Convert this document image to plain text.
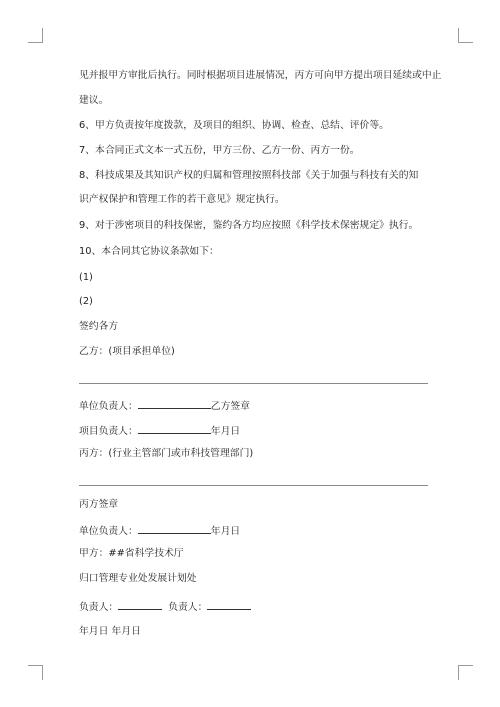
见并报甲方审批后执行。同时根据项目进展情况，丙方可向甲方提出项目延续或中止
建议。
6、甲方负责按年度拨款，及项目的组织、协调、检查、总结、评价等。
7、本合同正式文本一式五份，甲方三份、乙方一份、丙方一份。
8、科技成果及其知识产权的归属和管理按照科技部《关于加强与科技有关的知
识产权保护和管理工作的若干意见》规定执行。
9、对于涉密项目的科技保密，鉴约各方均应按照《科学技术保密规定》执行。
10、本合同其它协议条款如下：
(1)
(2)
签约各方
乙方：(项目承担单位)
单位负责人：	乙方签章
项目负责人：	年月日
丙方：(行业主管部门或市科技管理部门)
丙方签章
单位负责人：	年月日
甲方：##省科学技术厅
归口管理专业处发展计划处
负责人：	负责人：
年月日 年月日
